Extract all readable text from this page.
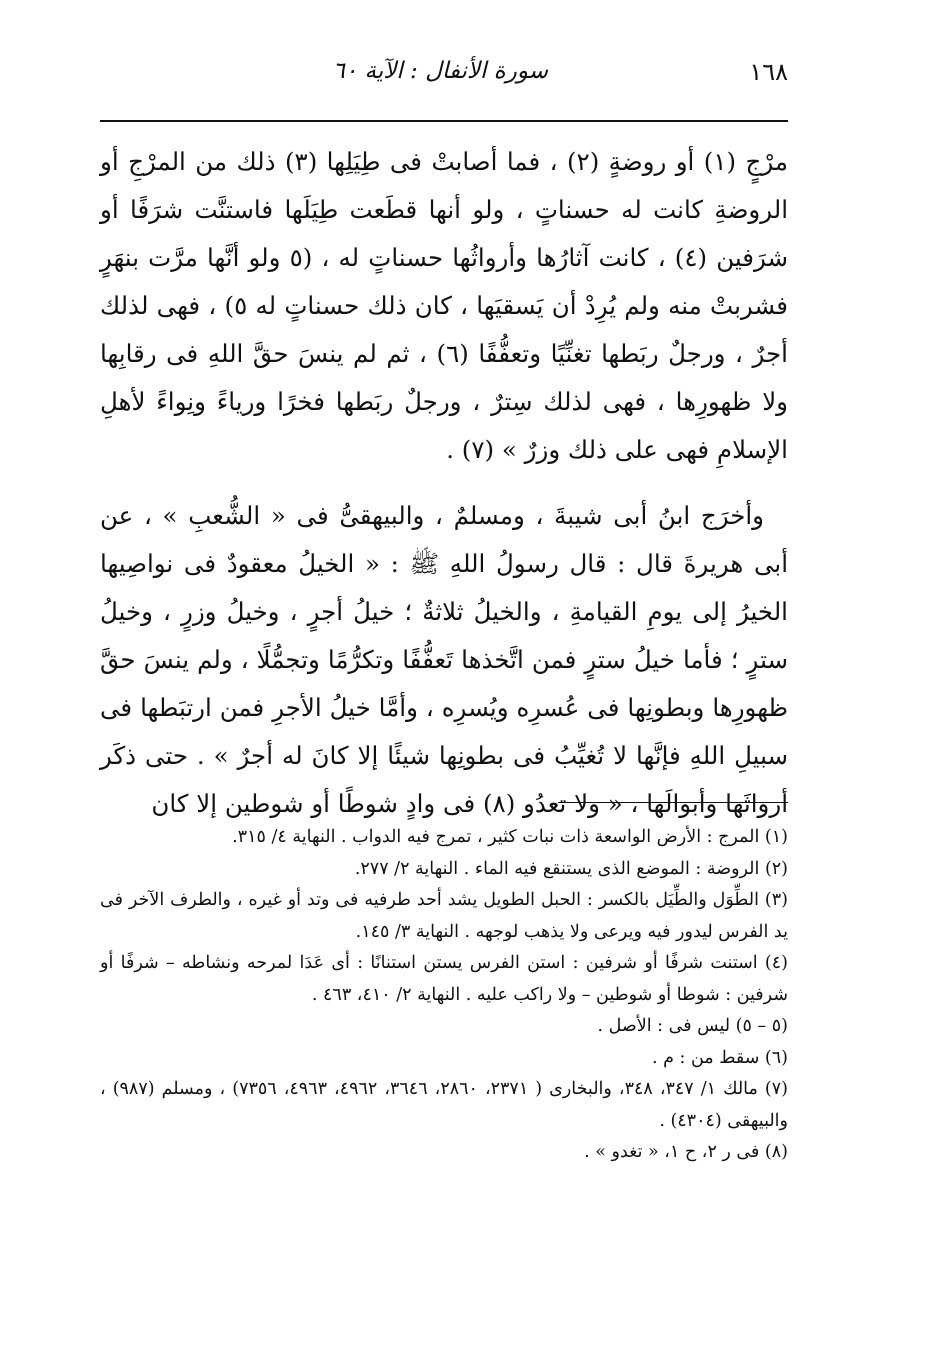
١٦٨
سورة الأنفال : الآية ٦٠

مرْجٍ (١) أو روضةٍ (٢) ، فما أصابتْ فى طِيَلِها (٣) ذلك من المرْجِ أو الروضةِ كانت له حسناتٍ ، ولو أنها قطَعت طِيَلَها فاستنَّت شرَفًا أو شرَفين (٤) ، كانت آثارُها وأرواثُها حسناتٍ له ، (٥ ولو أنَّها مرَّت بنهَرٍ فشربتْ منه ولم يُرِدْ أن يَسقيَها ، كان ذلك حسناتٍ له ٥) ، فهى لذلك أجرٌ ، ورجلٌ ربَطها تغنِّيًا وتعفُّفًا (٦) ، ثم لم ينسَ حقَّ اللهِ فى رقابِها ولا ظهورِها ، فهى لذلك سِترٌ ، ورجلٌ ربَطها فخرًا ورياءً ونِواءً لأهلِ الإسلامِ فهى على ذلك وزرٌ » (٧) .

وأخرَج ابنُ أبى شيبةَ ، ومسلمٌ ، والبيهقىُّ فى « الشُّعبِ » ، عن أبى هريرةَ قال : قال رسولُ اللهِ ﷺ : « الخيلُ معقودٌ فى نواصِيها الخيرُ إلى يومِ القيامةِ ، والخيلُ ثلاثةٌ ؛ خيلُ أجرٍ ، وخيلُ وزرٍ ، وخيلُ سترٍ ؛ فأما خيلُ سترٍ فمن اتَّخذها تَعفُّفًا وتكرُّمًا وتجمُّلًا ، ولم ينسَ حقَّ ظهورِها وبطونِها فى عُسرِه ويُسرِه ، وأمَّا خيلُ الأجرِ فمن ارتبَطها فى سبيلِ اللهِ فإنَّها لا تُغيِّبُ فى بطونِها شيئًا إلا كانَ له أجرٌ » . حتى ذكَر أرواثَها وأبوالَها ، « ولا تعدُو (٨) فى وادٍ شوطًا أو شوطين إلا كان

(١) المرج : الأرض الواسعة ذات نبات كثير ، تمرج فيه الدواب . النهاية ٤/ ٣١٥.

(٢) الروضة : الموضع الذى يستنقع فيه الماء . النهاية ٢/ ٢٧٧.

(٣) الطِّوَل والطِّيَل بالكسر : الحبل الطويل يشد أحد طرفيه فى وتد أو غيره ، والطرف الآخر فى يد الفرس ليدور فيه ويرعى ولا يذهب لوجهه . النهاية ٣/ ١٤٥.

(٤) استنت شرفًا أو شرفين : استن الفرس يستن استنانًا : أى عَدَا لمرحه ونشاطه – شرفًا أو شرفين : شوطا أو شوطين – ولا راكب عليه . النهاية ٢/ ٤١٠، ٤٦٣ .

(٥ – ٥) ليس فى : الأصل .

(٦) سقط من : م .

(٧) مالك ١/ ٣٤٧، ٣٤٨، والبخارى ( ٢٣٧١، ٢٨٦٠، ٣٦٤٦، ٤٩٦٢، ٤٩٦٣، ٧٣٥٦) ، ومسلم (٩٨٧) ، والبيهقى (٤٣٠٤) .

(٨) فى ر ٢، ح ١، « تغدو » .
